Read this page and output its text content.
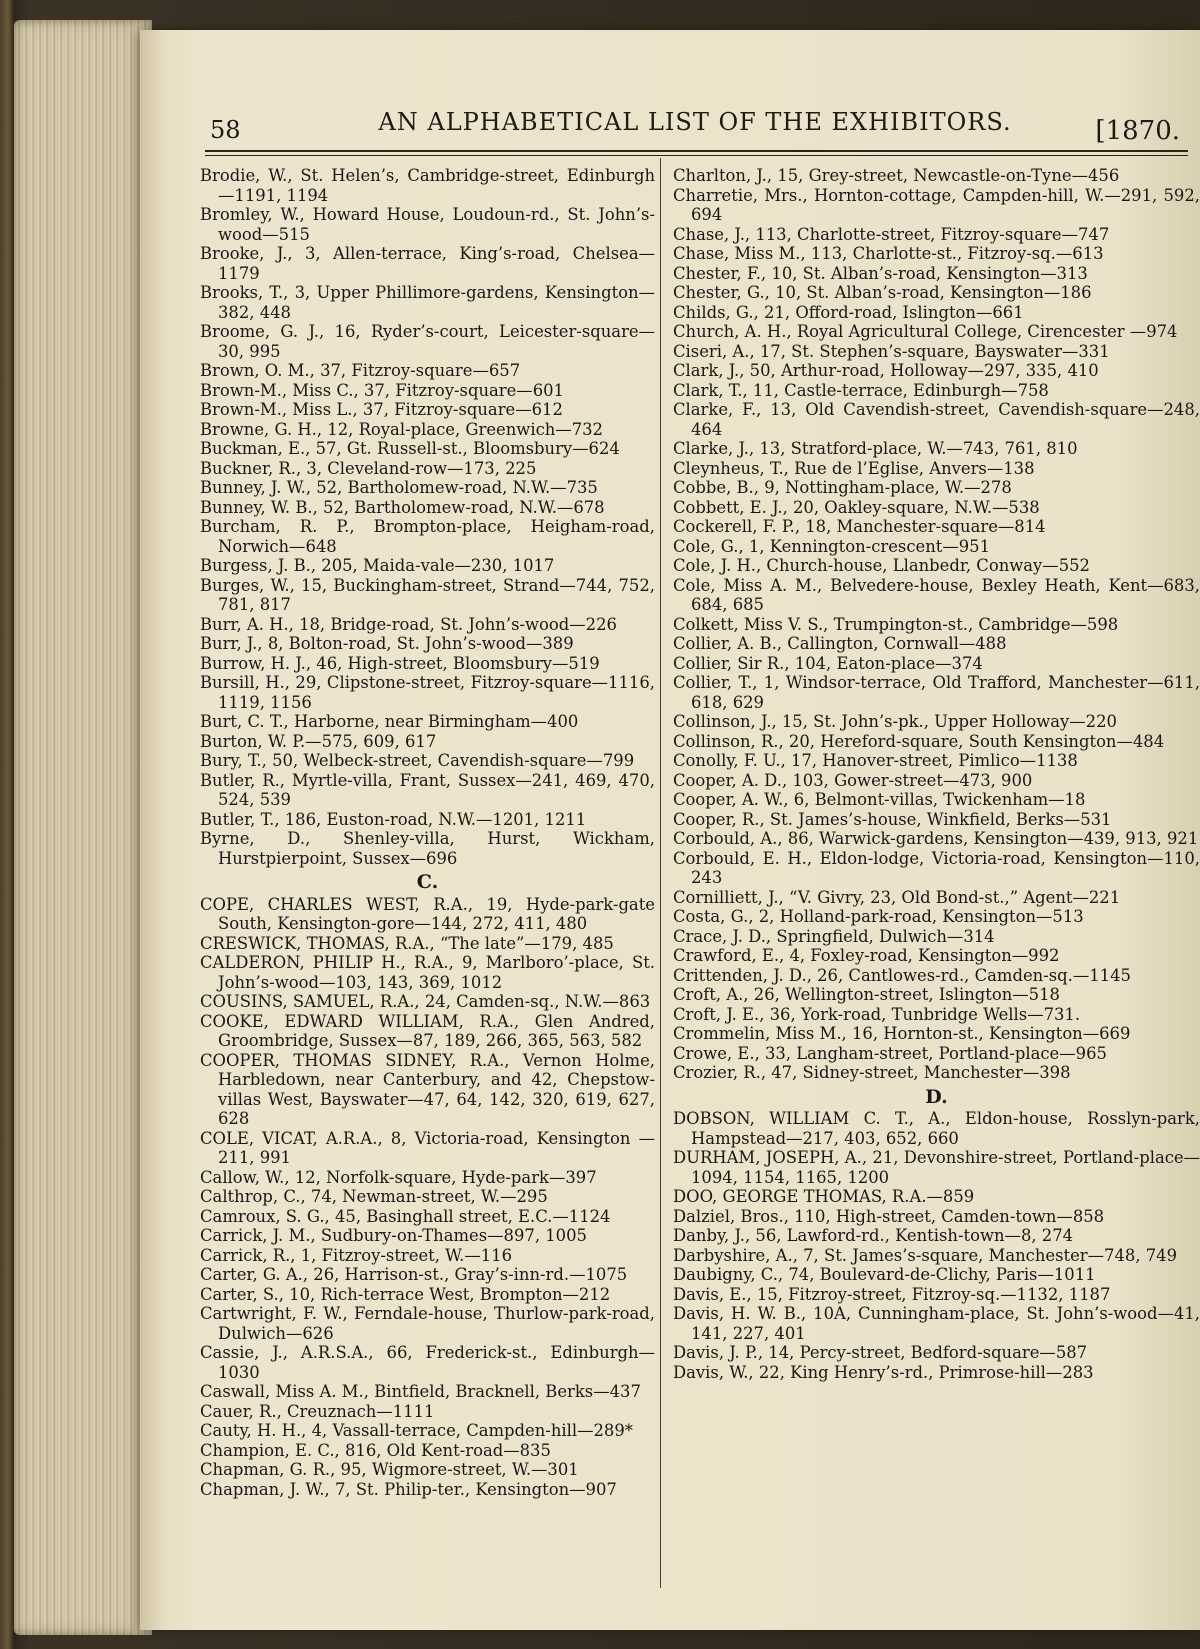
58	AN ALPHABETICAL LIST OF THE EXHIBITORS.	[1870.
Brodie, W., St. Helen’s, Cambridge-street, Edinburgh —1191, 1194
Bromley, W., Howard House, Loudoun-rd., St. John’s-wood—515
Brooke, J., 3, Allen-terrace, King’s-road, Chelsea—1179
Brooks, T., 3, Upper Phillimore-gardens, Kensington—382, 448
Broome, G. J., 16, Ryder’s-court, Leicester-square—30, 995
Brown, O. M., 37, Fitzroy-square—657
Brown-M., Miss C., 37, Fitzroy-square—601
Brown-M., Miss L., 37, Fitzroy-square—612
Browne, G. H., 12, Royal-place, Greenwich—732
Buckman, E., 57, Gt. Russell-st., Bloomsbury—624
Buckner, R., 3, Cleveland-row—173, 225
Bunney, J. W., 52, Bartholomew-road, N.W.—735
Bunney, W. B., 52, Bartholomew-road, N.W.—678
Burcham, R. P., Brompton-place, Heigham-road, Norwich—648
Burgess, J. B., 205, Maida-vale—230, 1017
Burges, W., 15, Buckingham-street, Strand—744, 752, 781, 817
Burr, A. H., 18, Bridge-road, St. John’s-wood—226
Burr, J., 8, Bolton-road, St. John’s-wood—389
Burrow, H. J., 46, High-street, Bloomsbury—519
Bursill, H., 29, Clipstone-street, Fitzroy-square—1116, 1119, 1156
Burt, C. T., Harborne, near Birmingham—400
Burton, W. P.—575, 609, 617
Bury, T., 50, Welbeck-street, Cavendish-square—799
Butler, R., Myrtle-villa, Frant, Sussex—241, 469, 470, 524, 539
Butler, T., 186, Euston-road, N.W.—1201, 1211
Byrne, D., Shenley-villa, Hurst, Wickham, Hurstpierpoint, Sussex—696
C.
COPE, CHARLES WEST, R.A., 19, Hyde-park-gate South, Kensington-gore—144, 272, 411, 480
CRESWICK, THOMAS, R.A., “The late”—179, 485
CALDERON, PHILIP H., R.A., 9, Marlboro’-place, St. John’s-wood—103, 143, 369, 1012
COUSINS, SAMUEL, R.A., 24, Camden-sq., N.W.—863
COOKE, EDWARD WILLIAM, R.A., Glen Andred, Groombridge, Sussex—87, 189, 266, 365, 563, 582
COOPER, THOMAS SIDNEY, R.A., Vernon Holme, Harbledown, near Canterbury, and 42, Chepstow-villas West, Bayswater—47, 64, 142, 320, 619, 627, 628
COLE, VICAT, A.R.A., 8, Victoria-road, Kensington —211, 991
Callow, W., 12, Norfolk-square, Hyde-park—397
Calthrop, C., 74, Newman-street, W.—295
Camroux, S. G., 45, Basinghall street, E.C.—1124
Carrick, J. M., Sudbury-on-Thames—897, 1005
Carrick, R., 1, Fitzroy-street, W.—116
Carter, G. A., 26, Harrison-st., Gray’s-inn-rd.—1075
Carter, S., 10, Rich-terrace West, Brompton—212
Cartwright, F. W., Ferndale-house, Thurlow-park-road, Dulwich—626
Cassie, J., A.R.S.A., 66, Frederick-st., Edinburgh—1030
Caswall, Miss A. M., Bintfield, Bracknell, Berks—437
Cauer, R., Creuznach—1111
Cauty, H. H., 4, Vassall-terrace, Campden-hill—289*
Champion, E. C., 816, Old Kent-road—835
Chapman, G. R., 95, Wigmore-street, W.—301
Chapman, J. W., 7, St. Philip-ter., Kensington—907
Charlton, J., 15, Grey-street, Newcastle-on-Tyne—456
Charretie, Mrs., Hornton-cottage, Campden-hill, W.—291, 592, 694
Chase, J., 113, Charlotte-street, Fitzroy-square—747
Chase, Miss M., 113, Charlotte-st., Fitzroy-sq.—613
Chester, F., 10, St. Alban’s-road, Kensington—313
Chester, G., 10, St. Alban’s-road, Kensington—186
Childs, G., 21, Offord-road, Islington—661
Church, A. H., Royal Agricultural College, Cirencester —974
Ciseri, A., 17, St. Stephen’s-square, Bayswater—331
Clark, J., 50, Arthur-road, Holloway—297, 335, 410
Clark, T., 11, Castle-terrace, Edinburgh—758
Clarke, F., 13, Old Cavendish-street, Cavendish-square—248, 464
Clarke, J., 13, Stratford-place, W.—743, 761, 810
Cleynheus, T., Rue de l’Eglise, Anvers—138
Cobbe, B., 9, Nottingham-place, W.—278
Cobbett, E. J., 20, Oakley-square, N.W.—538
Cockerell, F. P., 18, Manchester-square—814
Cole, G., 1, Kennington-crescent—951
Cole, J. H., Church-house, Llanbedr, Conway—552
Cole, Miss A. M., Belvedere-house, Bexley Heath, Kent—683, 684, 685
Colkett, Miss V. S., Trumpington-st., Cambridge—598
Collier, A. B., Callington, Cornwall—488
Collier, Sir R., 104, Eaton-place—374
Collier, T., 1, Windsor-terrace, Old Trafford, Manchester—611, 618, 629
Collinson, J., 15, St. John’s-pk., Upper Holloway—220
Collinson, R., 20, Hereford-square, South Kensington—484
Conolly, F. U., 17, Hanover-street, Pimlico—1138
Cooper, A. D., 103, Gower-street—473, 900
Cooper, A. W., 6, Belmont-villas, Twickenham—18
Cooper, R., St. James’s-house, Winkfield, Berks—531
Corbould, A., 86, Warwick-gardens, Kensington—439, 913, 921
Corbould, E. H., Eldon-lodge, Victoria-road, Kensington—110, 243
Cornilliett, J., “V. Givry, 23, Old Bond-st.,” Agent—221
Costa, G., 2, Holland-park-road, Kensington—513
Crace, J. D., Springfield, Dulwich—314
Crawford, E., 4, Foxley-road, Kensington—992
Crittenden, J. D., 26, Cantlowes-rd., Camden-sq.—1145
Croft, A., 26, Wellington-street, Islington—518
Croft, J. E., 36, York-road, Tunbridge Wells—731.
Crommelin, Miss M., 16, Hornton-st., Kensington—669
Crowe, E., 33, Langham-street, Portland-place—965
Crozier, R., 47, Sidney-street, Manchester—398
D.
DOBSON, WILLIAM C. T., A., Eldon-house, Rosslyn-park, Hampstead—217, 403, 652, 660
DURHAM, JOSEPH, A., 21, Devonshire-street, Portland-place—1094, 1154, 1165, 1200
DOO, GEORGE THOMAS, R.A.—859
Dalziel, Bros., 110, High-street, Camden-town—858
Danby, J., 56, Lawford-rd., Kentish-town—8, 274
Darbyshire, A., 7, St. James’s-square, Manchester—748, 749
Daubigny, C., 74, Boulevard-de-Clichy, Paris—1011
Davis, E., 15, Fitzroy-street, Fitzroy-sq.—1132, 1187
Davis, H. W. B., 10A, Cunningham-place, St. John’s-wood—41, 141, 227, 401
Davis, J. P., 14, Percy-street, Bedford-square—587
Davis, W., 22, King Henry’s-rd., Primrose-hill—283
